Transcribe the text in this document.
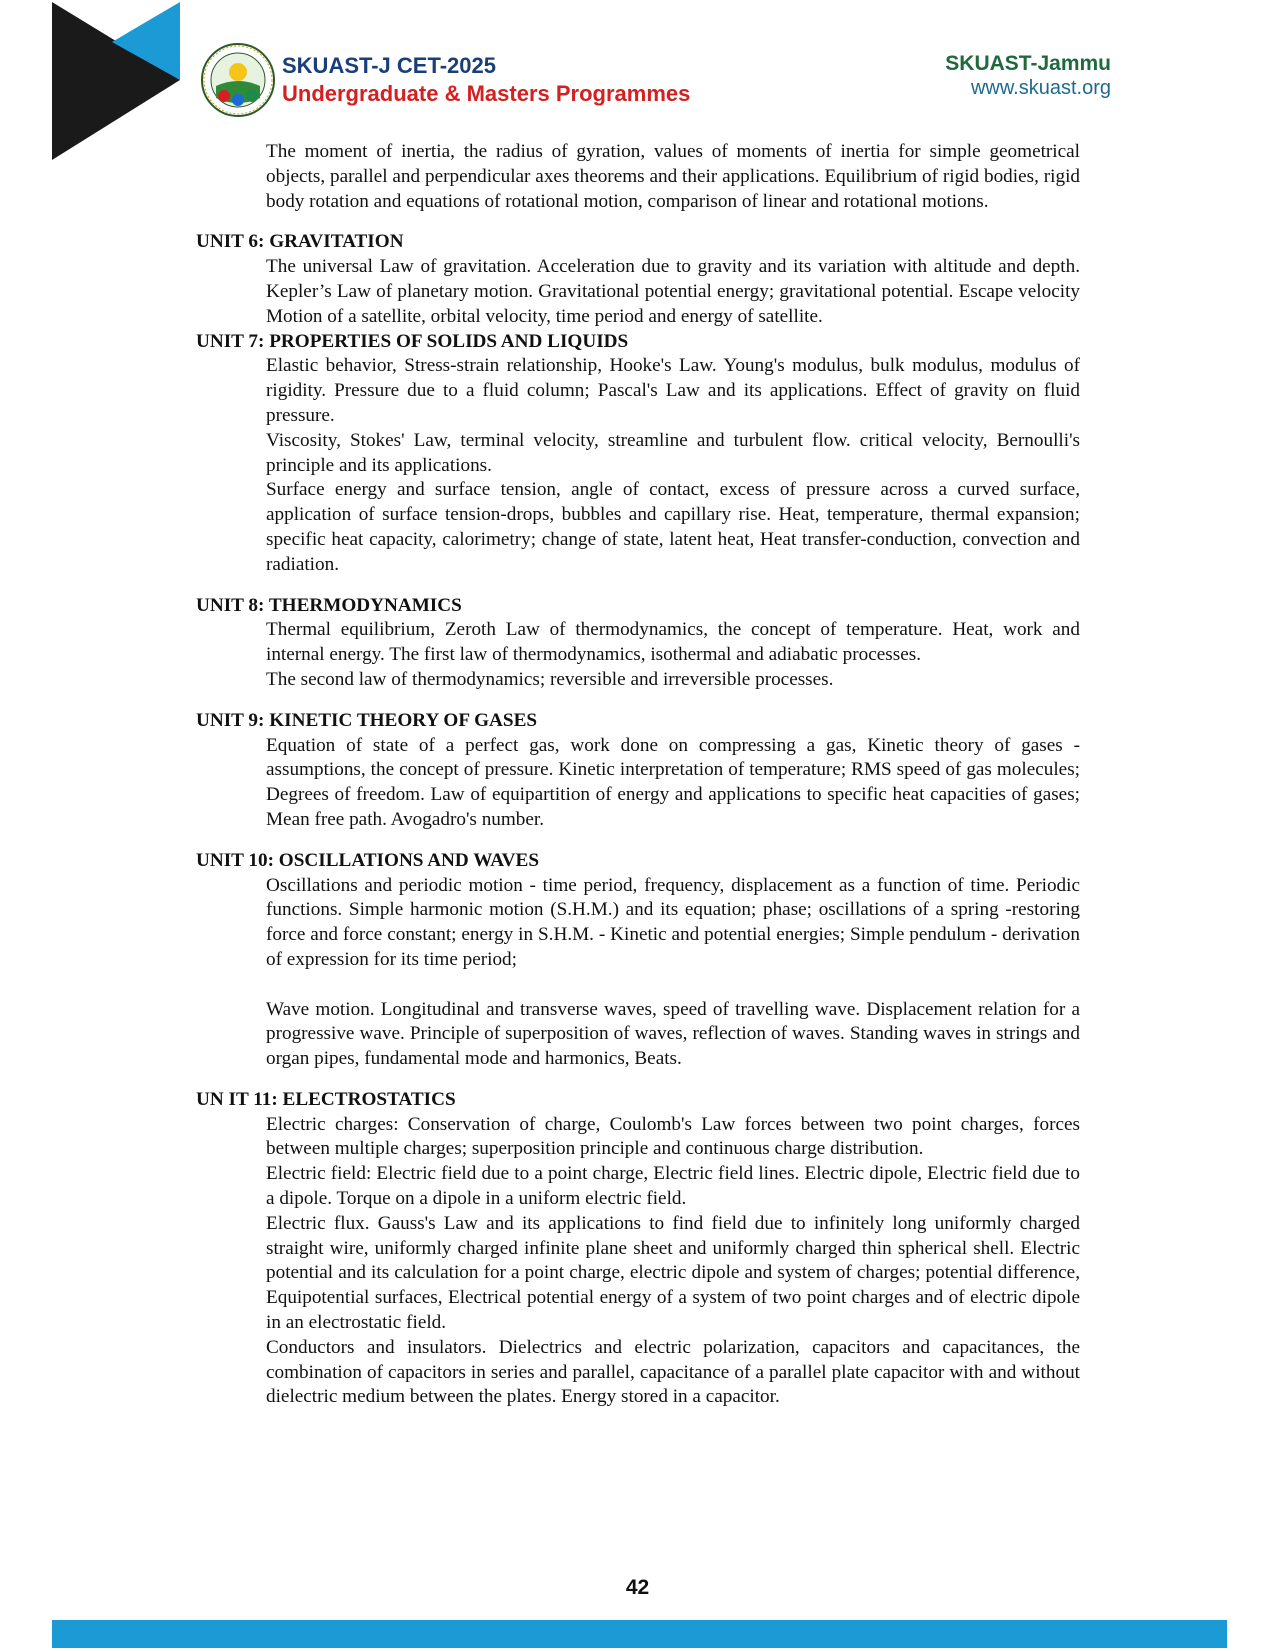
SKUAST-J CET-2025
Undergraduate & Masters Programmes
SKUAST-Jammu
www.skuast.org

The moment of inertia, the radius of gyration, values of moments of inertia for simple geometrical objects, parallel and perpendicular axes theorems and their applications. Equilibrium of rigid bodies, rigid body rotation and equations of rotational motion, comparison of linear and rotational motions.

UNIT 6: GRAVITATION

The universal Law of gravitation. Acceleration due to gravity and its variation with altitude and depth. Kepler’s Law of planetary motion. Gravitational potential energy; gravitational potential. Escape velocity Motion of a satellite, orbital velocity, time period and energy of satellite.

UNIT 7: PROPERTIES OF SOLIDS AND LIQUIDS

Elastic behavior, Stress-strain relationship, Hooke's Law. Young's modulus, bulk modulus, modulus of rigidity. Pressure due to a fluid column; Pascal's Law and its applications. Effect of gravity on fluid pressure.

Viscosity, Stokes' Law, terminal velocity, streamline and turbulent flow. critical velocity, Bernoulli's principle and its applications.

Surface energy and surface tension, angle of contact, excess of pressure across a curved surface, application of surface tension-drops, bubbles and capillary rise. Heat, temperature, thermal expansion; specific heat capacity, calorimetry; change of state, latent heat, Heat transfer-conduction, convection and radiation.

UNIT 8: THERMODYNAMICS

Thermal equilibrium, Zeroth Law of thermodynamics, the concept of temperature. Heat, work and internal energy. The first law of thermodynamics, isothermal and adiabatic processes.

The second law of thermodynamics; reversible and irreversible processes.

UNIT 9: KINETIC THEORY OF GASES

Equation of state of a perfect gas, work done on compressing a gas, Kinetic theory of gases - assumptions, the concept of pressure. Kinetic interpretation of temperature; RMS speed of gas molecules; Degrees of freedom. Law of equipartition of energy and applications to specific heat capacities of gases; Mean free path. Avogadro's number.

UNIT 10: OSCILLATIONS AND WAVES

Oscillations and periodic motion - time period, frequency, displacement as a function of time. Periodic functions. Simple harmonic motion (S.H.M.) and its equation; phase; oscillations of a spring -restoring force and force constant; energy in S.H.M. - Kinetic and potential energies; Simple pendulum - derivation of expression for its time period;

Wave motion. Longitudinal and transverse waves, speed of travelling wave. Displacement relation for a progressive wave. Principle of superposition of waves, reflection of waves. Standing waves in strings and organ pipes, fundamental mode and harmonics, Beats.

UN IT 11: ELECTROSTATICS

Electric charges: Conservation of charge, Coulomb's Law forces between two point charges, forces between multiple charges; superposition principle and continuous charge distribution.

Electric field: Electric field due to a point charge, Electric field lines. Electric dipole, Electric field due to a dipole. Torque on a dipole in a uniform electric field.

Electric flux. Gauss's Law and its applications to find field due to infinitely long uniformly charged straight wire, uniformly charged infinite plane sheet and uniformly charged thin spherical shell. Electric potential and its calculation for a point charge, electric dipole and system of charges; potential difference, Equipotential surfaces, Electrical potential energy of a system of two point charges and of electric dipole in an electrostatic field.

Conductors and insulators. Dielectrics and electric polarization, capacitors and capacitances, the combination of capacitors in series and parallel, capacitance of a parallel plate capacitor with and without dielectric medium between the plates. Energy stored in a capacitor.

42
